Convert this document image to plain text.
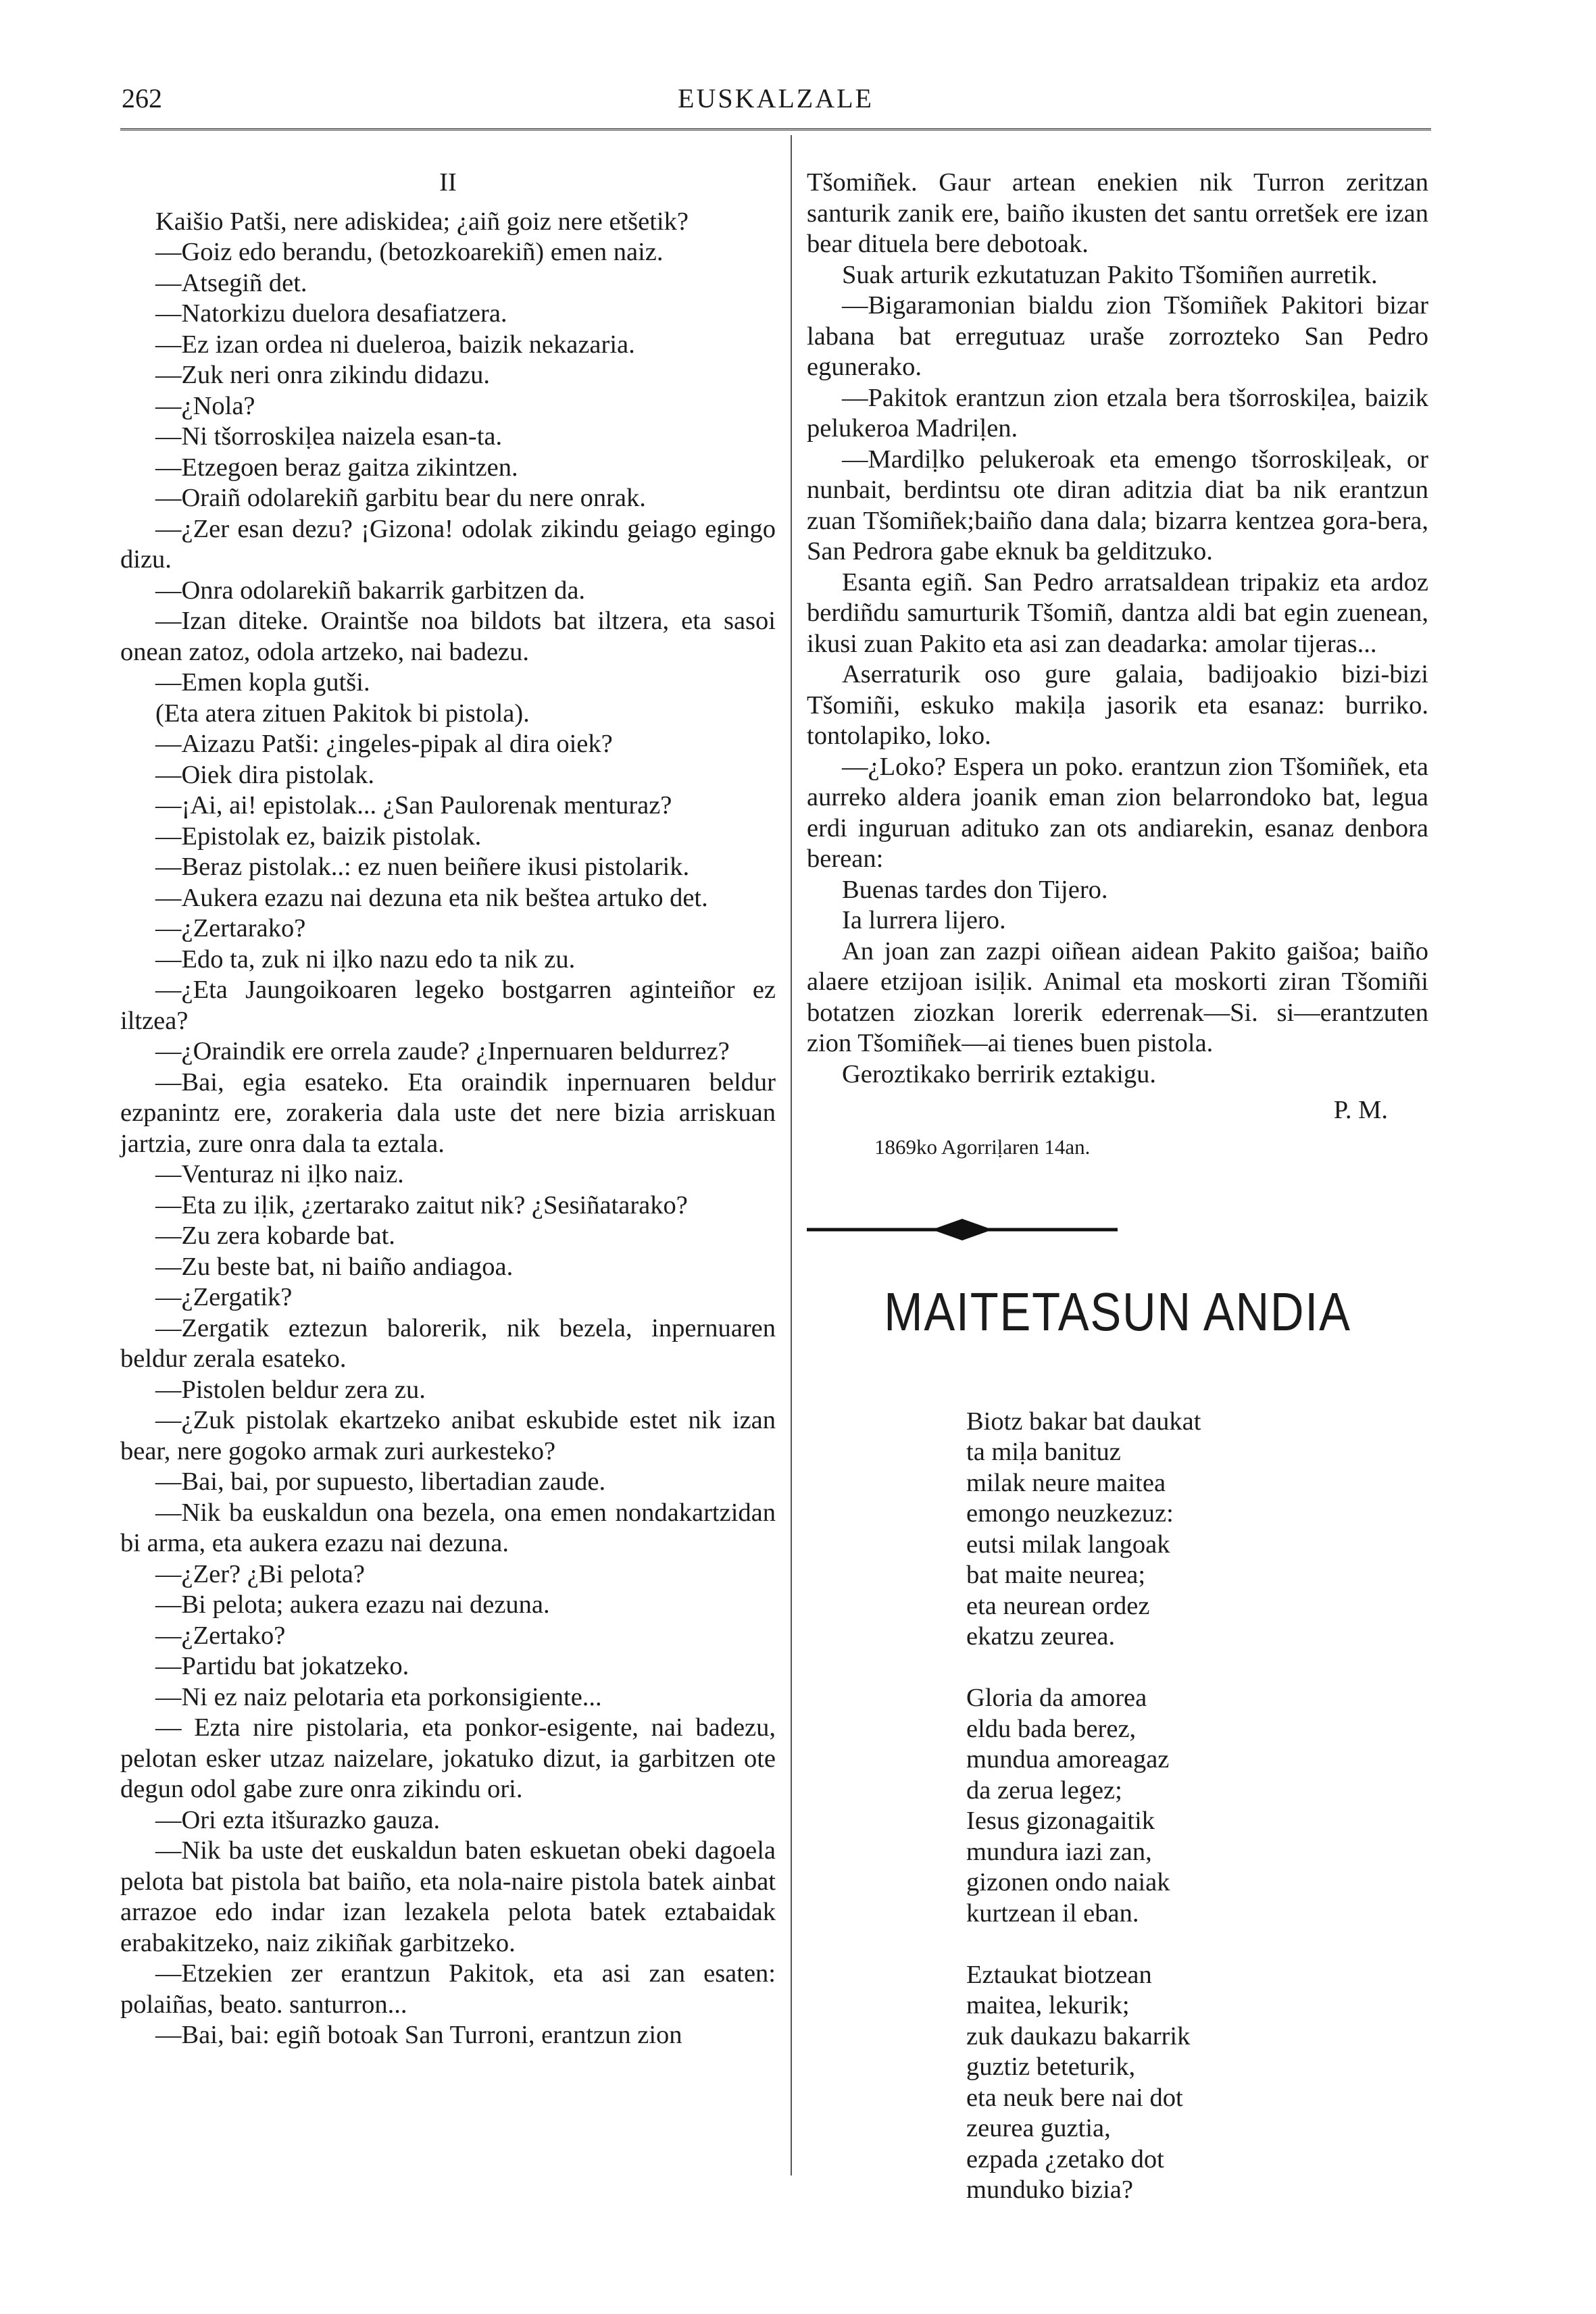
262	EUSKALZALE

II

Kaišio Patši, nere adiskidea; ¿aiñ goiz nere etšetik?

—Goiz edo berandu, (betozkoarekiñ) emen naiz.

—Atsegiñ det.

—Natorkizu duelora desafiatzera.

—Ez izan ordea ni dueleroa, baizik nekazaria.

—Zuk neri onra zikindu didazu.

—¿Nola?

—Ni tšorroskiḷea naizela esan-ta.

—Etzegoen beraz gaitza zikintzen.

—Oraiñ odolarekiñ garbitu bear du nere onrak.

—¿Zer esan dezu? ¡Gizona! odolak zikindu geiago egingo dizu.

—Onra odolarekiñ bakarrik garbitzen da.

—Izan diteke. Oraintše noa bildots bat iltzera, eta sasoi onean zatoz, odola artzeko, nai badezu.

—Emen kopla gutši.

(Eta atera zituen Pakitok bi pistola).

—Aizazu Patši: ¿ingeles-pipak al dira oiek?

—Oiek dira pistolak.

—¡Ai, ai! epistolak... ¿San Paulorenak menturaz?

—Epistolak ez, baizik pistolak.

—Beraz pistolak..: ez nuen beiñere ikusi pistolarik.

—Aukera ezazu nai dezuna eta nik beštea artuko det.

—¿Zertarako?

—Edo ta, zuk ni iḷko nazu edo ta nik zu.

—¿Eta Jaungoikoaren legeko bostgarren aginteiñor ez iltzea?

—¿Oraindik ere orrela zaude? ¿Inpernuaren beldurrez?

—Bai, egia esateko. Eta oraindik inpernuaren beldur ezpanintz ere, zorakeria dala uste det nere bizia arriskuan jartzia, zure onra dala ta eztala.

—Venturaz ni iḷko naiz.

—Eta zu iḷik, ¿zertarako zaitut nik? ¿Sesiñatarako?

—Zu zera kobarde bat.

—Zu beste bat, ni baiño andiagoa.

—¿Zergatik?

—Zergatik eztezun balorerik, nik bezela, inpernuaren beldur zerala esateko.

—Pistolen beldur zera zu.

—¿Zuk pistolak ekartzeko anibat eskubide estet nik izan bear, nere gogoko armak zuri aurkesteko?

—Bai, bai, por supuesto, libertadian zaude.

—Nik ba euskaldun ona bezela, ona emen nondakartzidan bi arma, eta aukera ezazu nai dezuna.

—¿Zer? ¿Bi pelota?

—Bi pelota; aukera ezazu nai dezuna.

—¿Zertako?

—Partidu bat jokatzeko.

—Ni ez naiz pelotaria eta porkonsigiente...

— Ezta nire pistolaria, eta ponkor-esigente, nai badezu, pelotan esker utzaz naizelare, jokatuko dizut, ia garbitzen ote degun odol gabe zure onra zikindu ori.

—Ori ezta itšurazko gauza.

—Nik ba uste det euskaldun baten eskuetan obeki dagoela pelota bat pistola bat baiño, eta nola-naire pistola batek ainbat arrazoe edo indar izan lezakela pelota batek eztabaidak erabakitzeko, naiz zikiñak garbitzeko.

—Etzekien zer erantzun Pakitok, eta asi zan esaten: polaiñas, beato. santurron...

—Bai, bai: egiñ botoak San Turroni, erantzun zion

Tšomiñek. Gaur artean enekien nik Turron zeritzan santurik zanik ere, baiño ikusten det santu orretšek ere izan bear dituela bere debotoak.

Suak arturik ezkutatuzan Pakito Tšomiñen aurretik.

—Bigaramonian bialdu zion Tšomiñek Pakitori bizar labana bat erregutuaz uraše zorrozteko San Pedro egunerako.

—Pakitok erantzun zion etzala bera tšorroskiḷea, baizik pelukeroa Madriḷen.

—Mardiḷko pelukeroak eta emengo tšorroskiḷeak, or nunbait, berdintsu ote diran aditzia diat ba nik erantzun zuan Tšomiñek;baiño dana dala; bizarra kentzea gora-bera, San Pedrora gabe eknuk ba gelditzuko.

Esanta egiñ. San Pedro arratsaldean tripakiz eta ardoz berdiñdu samurturik Tšomiñ, dantza aldi bat egin zuenean, ikusi zuan Pakito eta asi zan deadarka: amolar tijeras...

Aserraturik oso gure galaia, badijoakio bizi-bizi Tšomiñi, eskuko makiḷa jasorik eta esanaz: burriko. tontolapiko, loko.

—¿Loko? Espera un poko. erantzun zion Tšomiñek, eta aurreko aldera joanik eman zion belarrondoko bat, legua erdi inguruan adituko zan ots andiarekin, esanaz denbora berean:

Buenas tardes don Tijero.

Ia lurrera lijero.

An joan zan zazpi oiñean aidean Pakito gaišoa; baiño alaere etzijoan isiḷik. Animal eta moskorti ziran Tšomiñi botatzen ziozkan lorerik ederrenak—Si. si—erantzuten zion Tšomiñek—ai tienes buen pistola.

Geroztikako berririk eztakigu.

P. M.

1869ko Agorriḷaren 14an.

MAITETASUN ANDIA

Biotz bakar bat daukat
ta miḷa banituz
milak neure maitea
emongo neuzkezuz:
eutsi milak langoak
bat maite neurea;
eta neurean ordez
ekatzu zeurea.
Gloria da amorea
eldu bada berez,
mundua amoreagaz
da zerua legez;
Iesus gizonagaitik
mundura iazi zan,
gizonen ondo naiak
kurtzean il eban.
Eztaukat biotzean
maitea, lekurik;
zuk daukazu bakarrik
guztiz beteturik,
eta neuk bere nai dot
zeurea guztia,
ezpada ¿zetako dot
munduko bizia?
